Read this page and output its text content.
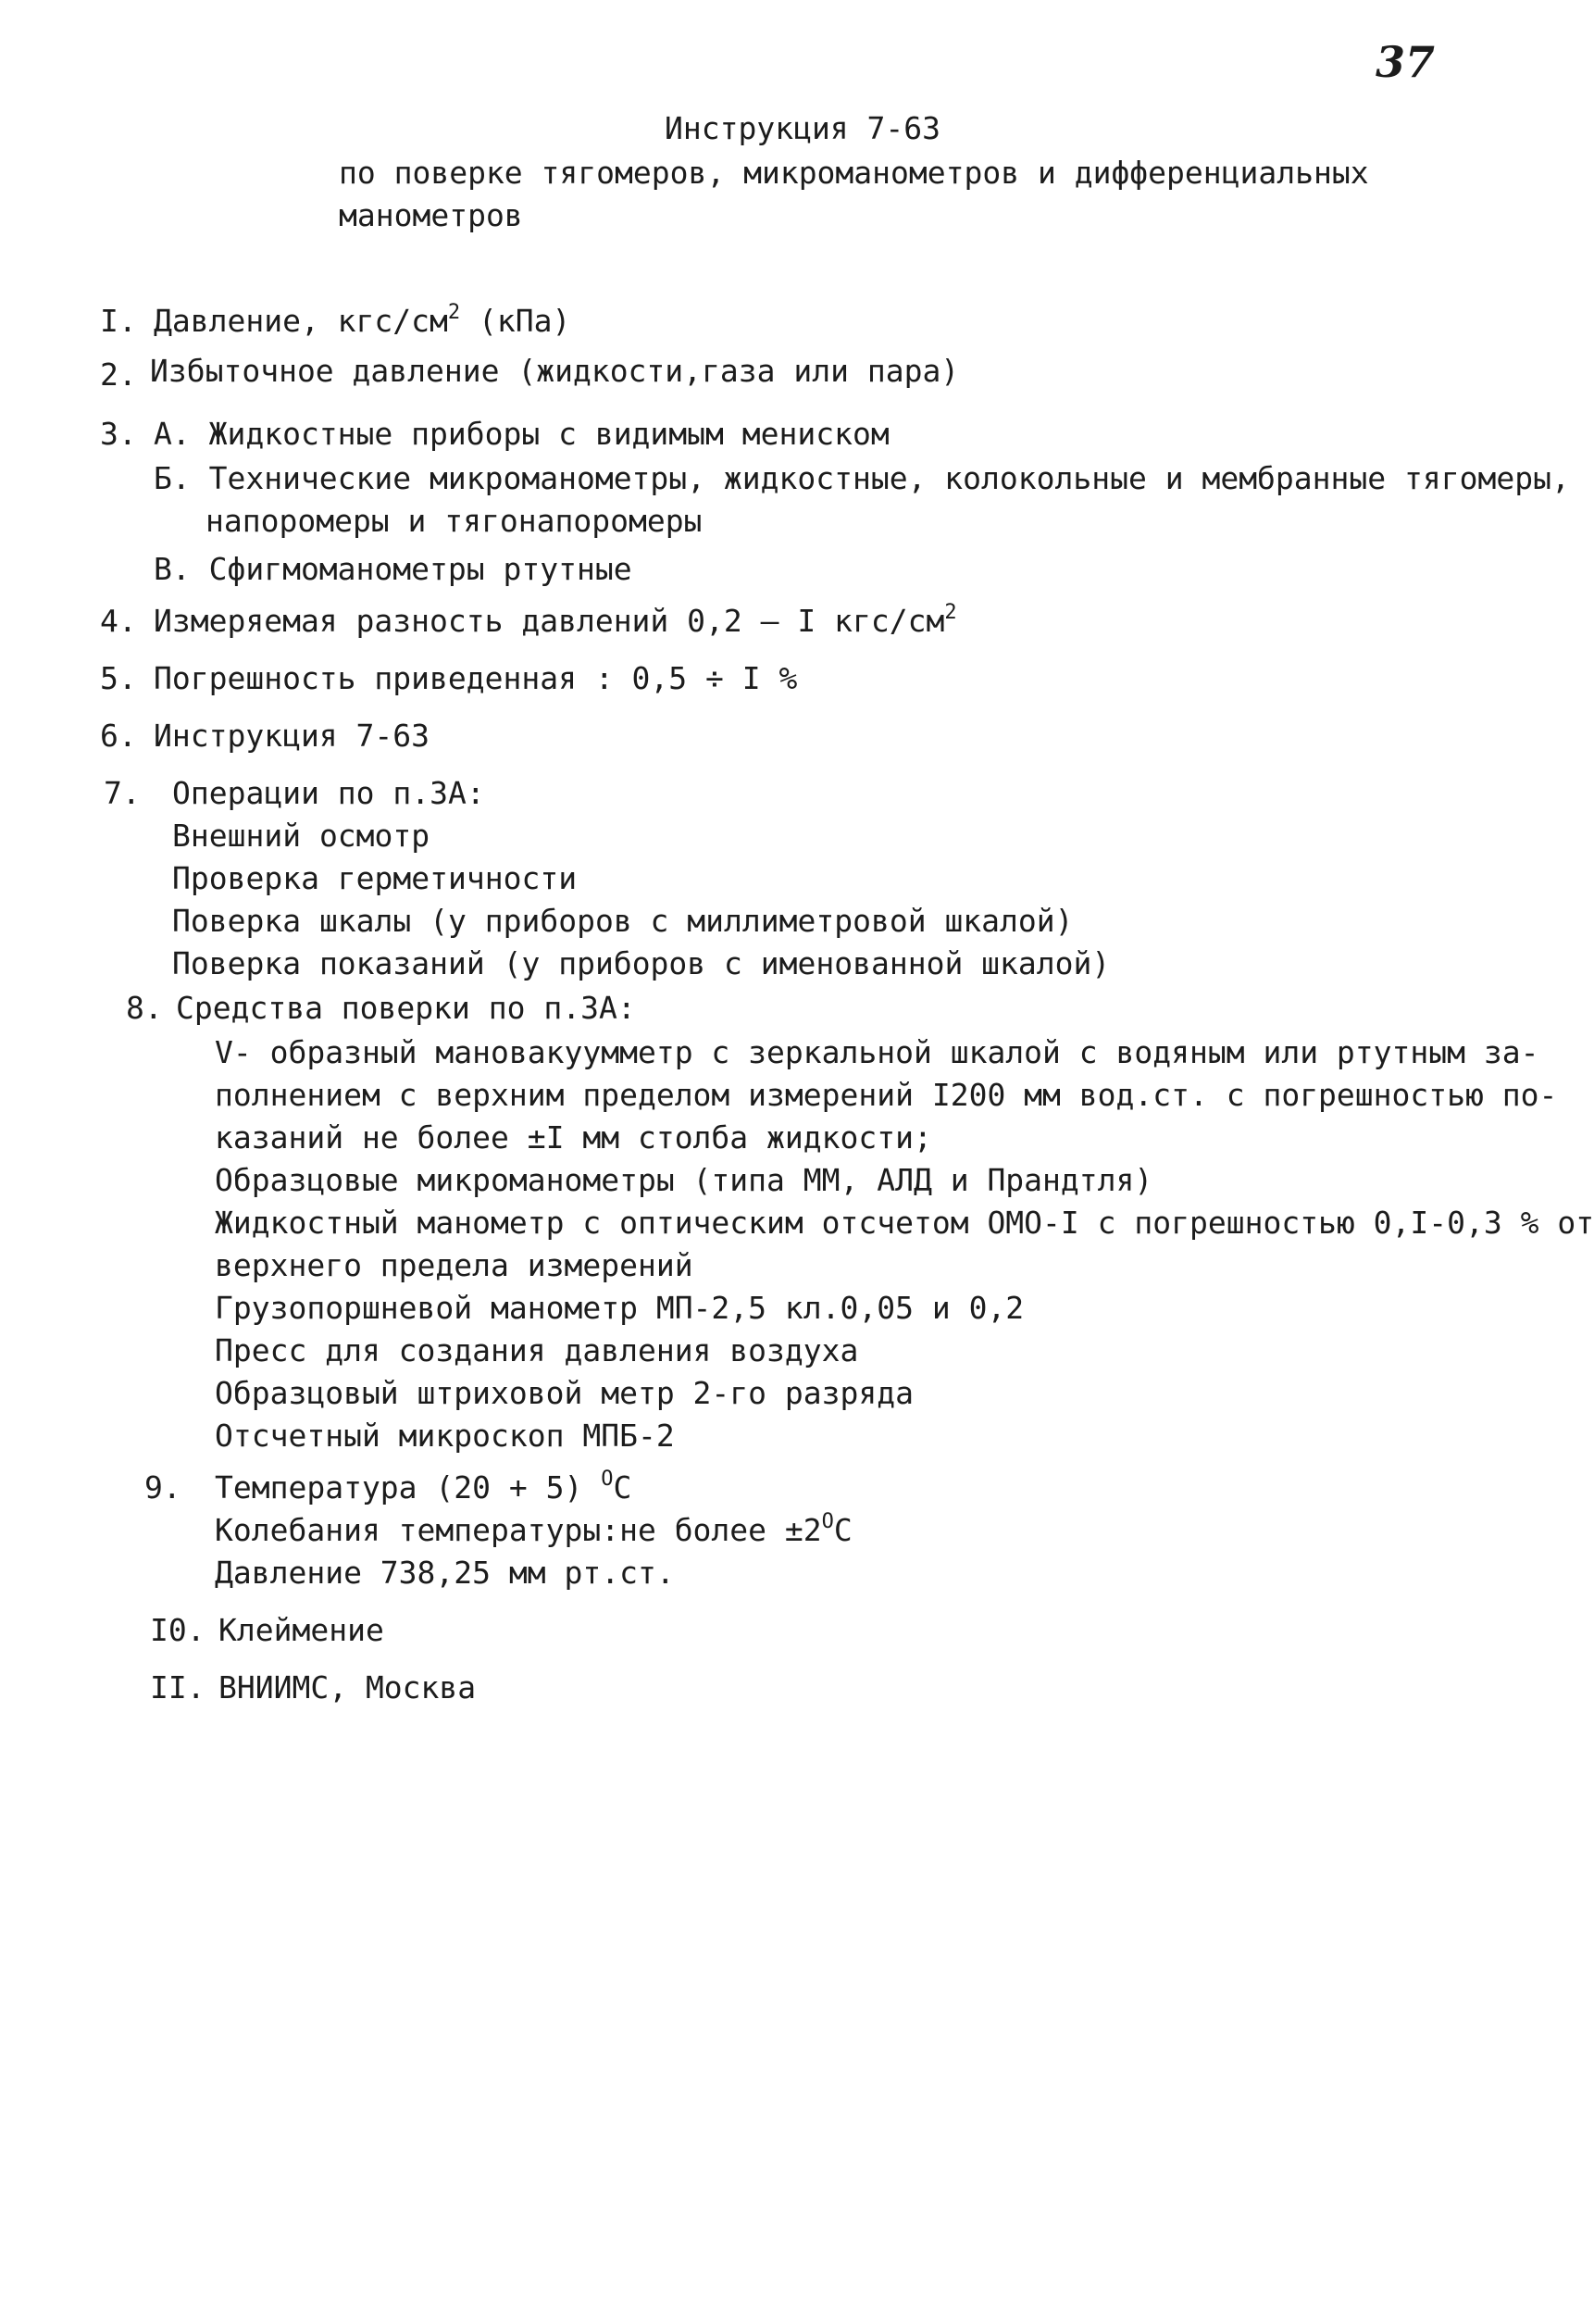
37
Инструкция 7-63
по поверке тягомеров, микроманометров и дифференциальных
манометров
I. Давление, кгс/$см^2$ (кПа)
2. Избыточное давление (жидкости,газа или пара)
3. А. Жидкостные приборы с видимым мениском
Б. Технические микроманометры, жидкостные, колокольные и мембранные тягомеры,
напоромеры и тягонапоромеры
В. Сфигмоманометры ртутные
4. Измеряемая разность давлений 0,2 – I кгс/$см^2$
5. Погрешность приведенная : 0,5 ÷ I %
6. Инструкция 7-63
7. Операции по п.3А:
Внешний осмотр
Проверка герметичности
Поверка шкалы (у приборов с миллиметровой шкалой)
Поверка показаний (у приборов с именованной шкалой)
8. Средства поверки по п.3А:
V- образный мановакуумметр с зеркальной шкалой с водяным или ртутным за-
полнением с верхним пределом измерений I200 мм вод.ст. с погрешностью по-
казаний не более ±I мм столба жидкости;
Образцовые микроманометры (типа ММ, АЛД и Прандтля)
Жидкостный манометр с оптическим отсчетом ОМО-I с погрешностью 0,I-0,3 % от
верхнего предела измерений
Грузопоршневой манометр МП-2,5 кл.0,05 и 0,2
Пресс для создания давления воздуха
Образцовый штриховой метр 2-го разряда
Отсчетный микроскоп МПБ-2
9. Температура (20 + 5) $^О$С
Колебания температуры:не более $\pm 2^ОС$
Давление 738,25 мм рт.ст.
I0. Клеймение
II. ВНИИМС, Москва
